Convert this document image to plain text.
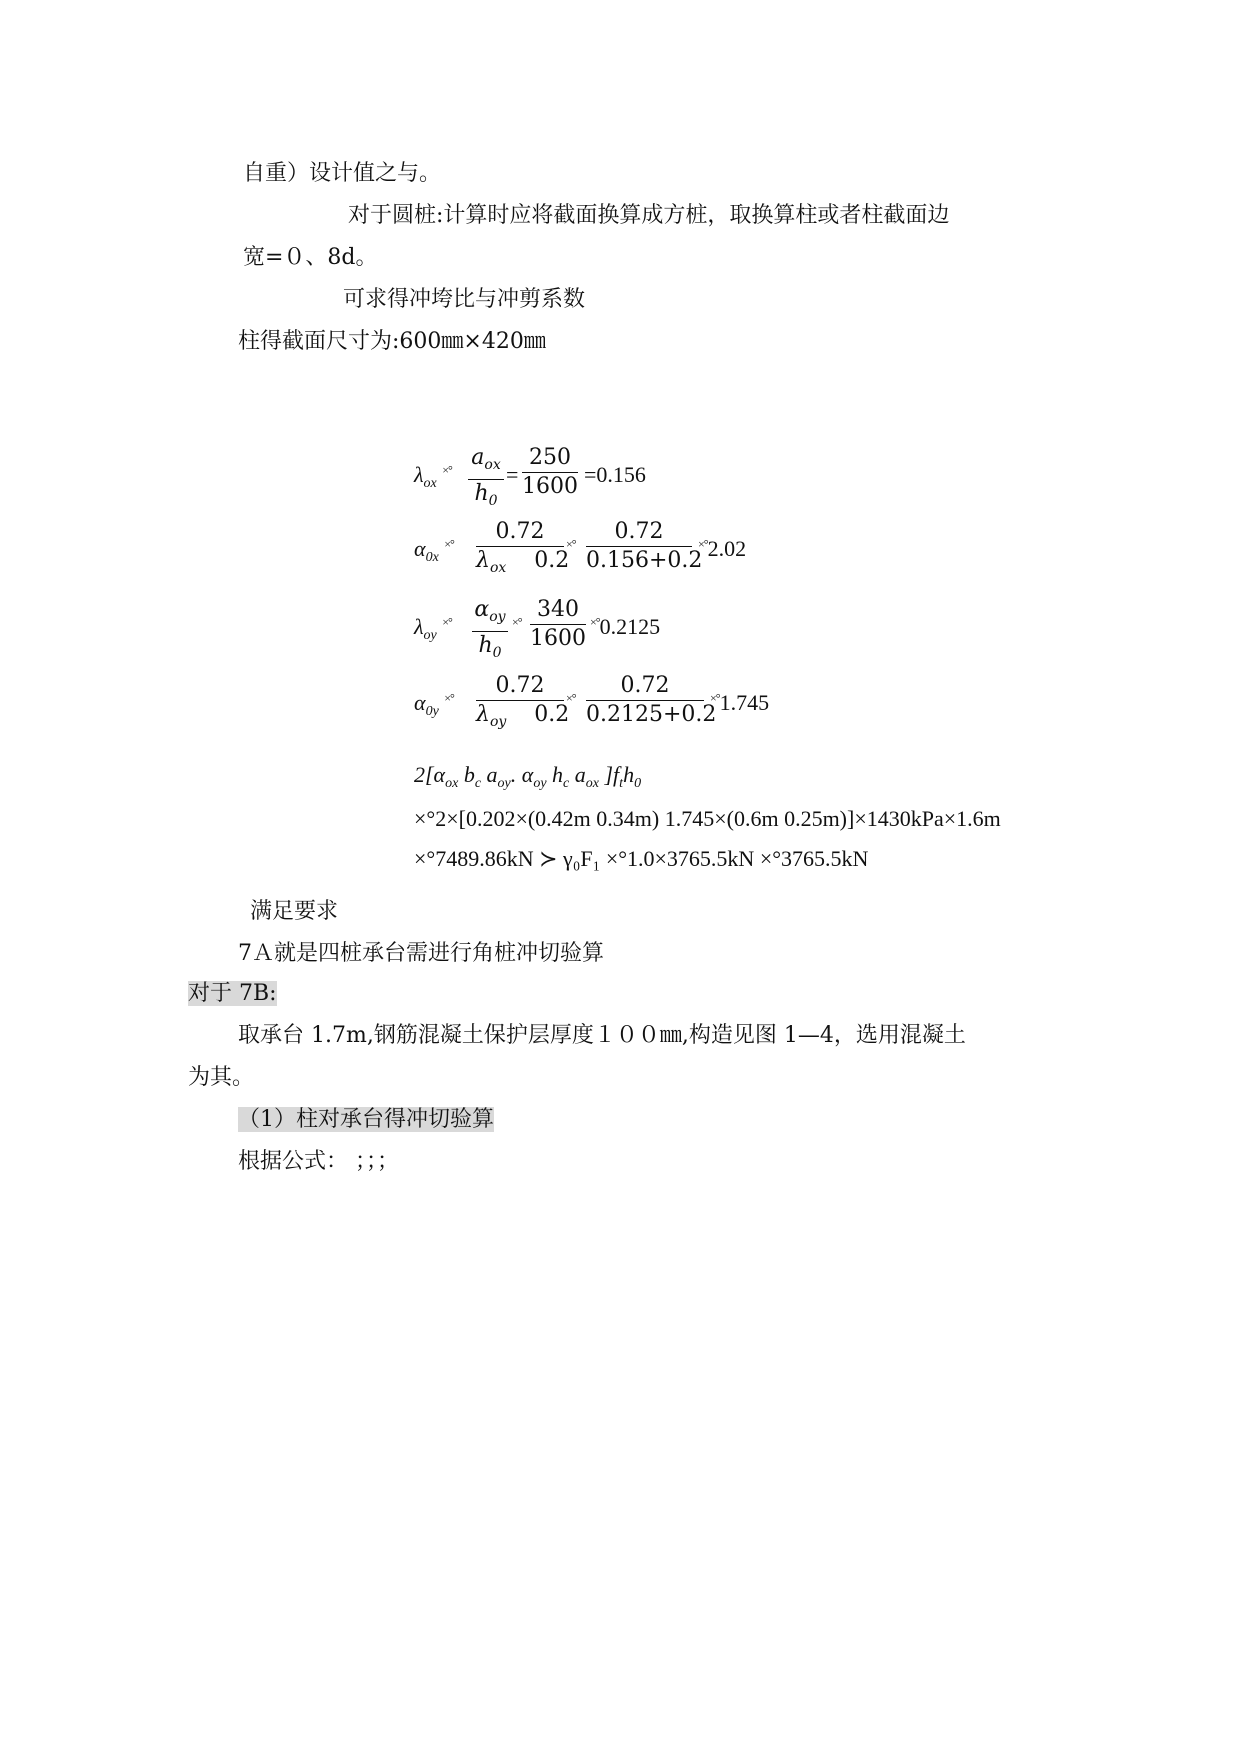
自重）设计值之与。
对于圆桩:计算时应将截面换算成方桩，取换算柱或者柱截面边
宽=０、8d。
可求得冲垮比与冲剪系数
柱得截面尺寸为:600㎜×420㎜
$\lambda_{ox}$ ×° $a_{ox}$
$h_0$
=
250
1600 =0.156
$\alpha_{0x}$ ×°	0.72
$\lambda_{ox}$ 0.2
×°	0.72
0.156+0.2
×°2.02
$\lambda_{oy}$ ×° $\alpha_{oy}$
$h_0$
×° 340
1600
×°0.2125
$\alpha_{0y}$ ×°	0.72
$\lambda_{oy}$ 0.2
×°	0.72
0.2125+0.2
×°1.745
$2[\alpha_{ox}$ $b_c$ $a_{oy}$. $\alpha_{oy}$ $h_c$ $a_{ox}$ ]$f_th_0$
×°2×[0.202×(0.42m 0.34m) 1.745×(0.6m 0.25m)]×1430kPa×1.6m
×°7489.86kN ≻ γ₀F₁ ×°1.0×3765.5kN ×°3765.5kN
满足要求
7Ａ就是四桩承台需进行角桩冲切验算
对于 7B:
取承台 1.7m,钢筋混凝土保护层厚度１００㎜,构造见图 1—4，选用混凝土
为其。
（1）柱对承台得冲切验算
根据公式： ；；；
